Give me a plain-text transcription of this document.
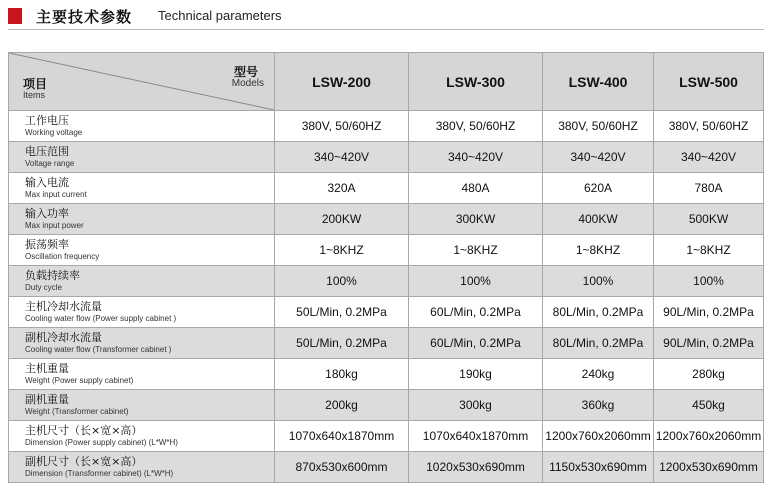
主要技术参数 Technical parameters
项目
Items
型号
Models	LSW-200	LSW-300	LSW-400	LSW-500

工作电压
Working voltage	380V, 50/60HZ	380V, 50/60HZ	380V, 50/60HZ	380V, 50/60HZ

电压范围
Voltage range	340~420V	340~420V	340~420V	340~420V

输入电流
Max input current	320A	480A	620A	780A

输入功率
Max input power	200KW	300KW	400KW	500KW

振荡频率
Oscillation frequency	1~8KHZ	1~8KHZ	1~8KHZ	1~8KHZ

负载持续率
Duty cycle	100%	100%	100%	100%

主机冷却水流量
Cooling water flow (Power supply cabinet )	50L/Min, 0.2MPa	60L/Min, 0.2MPa	80L/Min, 0.2MPa	90L/Min, 0.2MPa

副机冷却水流量
Cooling water flow (Transformer cabinet )	50L/Min, 0.2MPa	60L/Min, 0.2MPa	80L/Min, 0.2MPa	90L/Min, 0.2MPa

主机重量
Weight (Power supply cabinet)	180kg	190kg	240kg	280kg

副机重量
Weight (Transformer cabinet)	200kg	300kg	360kg	450kg

主机尺寸（长×宽×高）
Dimension (Power supply cabinet) (L*W*H)	1070x640x1870mm	1070x640x1870mm	1200x760x2060mm	1200x760x2060mm

副机尺寸（长×宽×高）
Dimension (Transformer cabinet) (L*W*H)	870x530x600mm	1020x530x690mm	1150x530x690mm	1200x530x690mm
